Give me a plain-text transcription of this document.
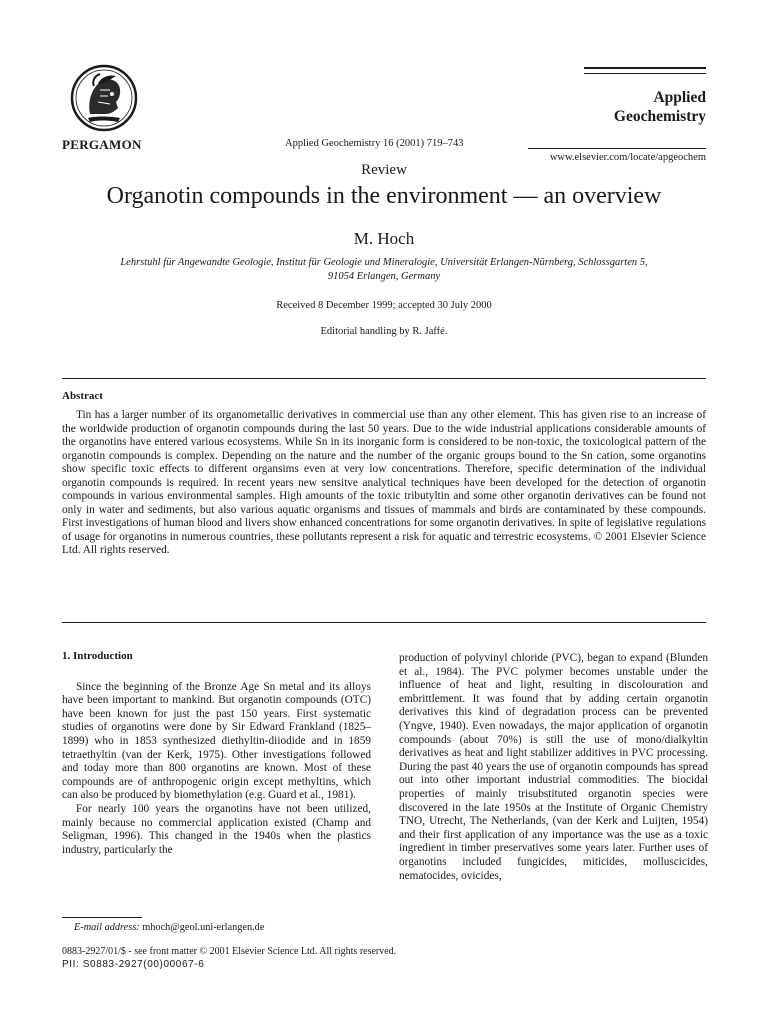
PERGAMON	Applied Geochemistry 16 (2001) 719–743
Applied
Geochemistry
www.elsevier.com/locate/apgeochem
Review
Organotin compounds in the environment — an overview
M. Hoch
Lehrstuhl für Angewandte Geologie, Institut für Geologie und Mineralogie, Universität Erlangen-Nürnberg, Schlossgarten 5,
91054 Erlangen, Germany
Received 8 December 1999; accepted 30 July 2000
Editorial handling by R. Jaffé.
Abstract

Tin has a larger number of its organometallic derivatives in commercial use than any other element. This has given rise to an increase of the worldwide production of organotin compounds during the last 50 years. Due to the wide industrial applications considerable amounts of the organotins have entered various ecosystems. While Sn in its inorganic form is considered to be non-toxic, the toxicological pattern of the organotin compounds is complex. Depending on the nature and the number of the organic groups bound to the Sn cation, some organotins show specific toxic effects to different organsims even at very low concentrations. Therefore, specific determination of the individual organotin compounds is required. In recent years new sensitve analytical techniques have been developed for the detection of organotin compounds in various environmental samples. High amounts of the toxic tributyltin and some other organotin derivatives can be found not only in water and sediments, but also various aquatic organisms and tissues of mammals and birds are contaminated by these compounds. First investigations of human blood and livers show enhanced concentrations for some organotin derivatives. In spite of legislative regulations of usage for organotins in numerous countries, these pollutants represent a risk for aquatic and terrestric ecosystems. © 2001 Elsevier Science Ltd. All rights reserved.

1. Introduction

Since the beginning of the Bronze Age Sn metal and its alloys have been important to mankind. But organotin compounds (OTC) have been known for just the past 150 years. First systematic studies of organotins were done by Sir Edward Frankland (1825–1899) who in 1853 synthesized diethyltin-diiodide and in 1859 tetraethyltin (van der Kerk, 1975). Other investigations followed and today more than 800 organotins are known. Most of these compounds are of anthropogenic origin except methyltins, which can also be produced by biomethylation (e.g. Guard et al., 1981).

For nearly 100 years the organotins have not been utilized, mainly because no commercial application existed (Champ and Seligman, 1996). This changed in the 1940s when the plastics industry, particularly the

production of polyvinyl chloride (PVC), began to expand (Blunden et al., 1984). The PVC polymer becomes unstable under the influence of heat and light, resulting in discolouration and embrittlement. It was found that by adding certain organotin derivatives this kind of degradation process can be prevented (Yngve, 1940). Even nowadays, the major application of organotin compounds (about 70%) is still the use of mono/dialkyltin derivatives as heat and light stabilizer additives in PVC processing. During the past 40 years the use of organotin compounds has spread out into other important industrial commodities. The biocidal properties of mainly trisubstituted organotin species were discovered in the late 1950s at the Institute of Organic Chemistry TNO, Utrecht, The Netherlands, (van der Kerk and Luijten, 1954) and their first application of any importance was the use as a toxic ingredient in timber preservatives some years later. Further uses of organotins included fungicides, miticides, molluscicides, nematocides, ovicides,

E-mail address: mhoch@geol.uni-erlangen.de
0883-2927/01/$ - see front matter © 2001 Elsevier Science Ltd. All rights reserved.
PII: S0883-2927(00)00067-6
